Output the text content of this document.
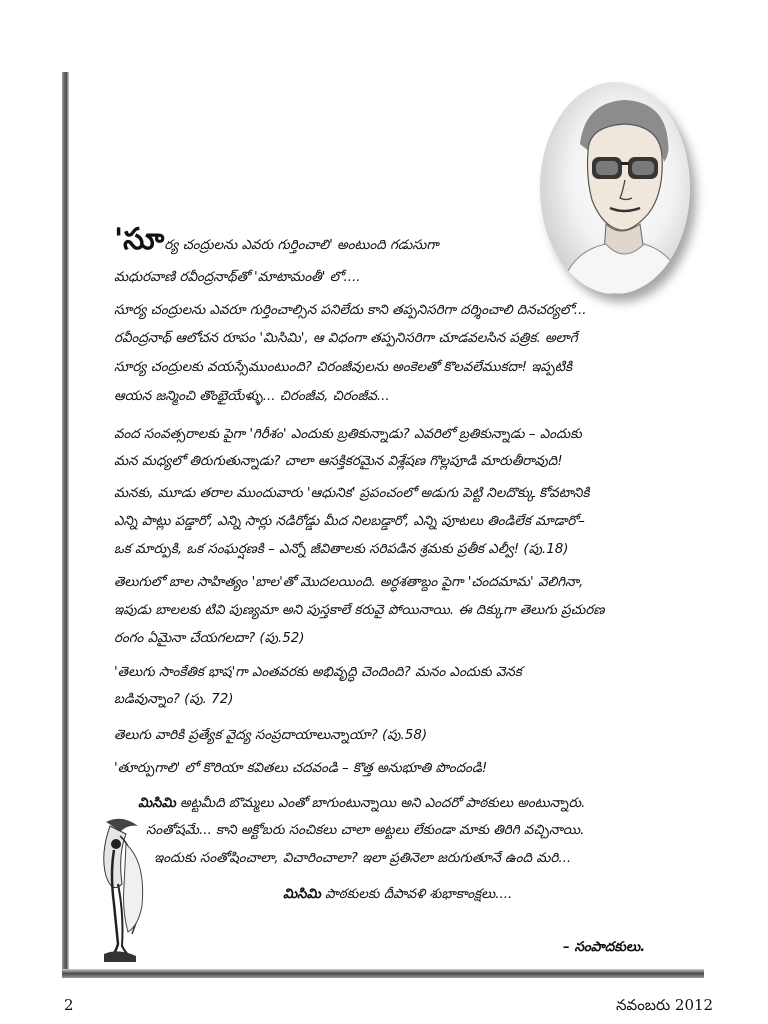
'సూర్య చంద్రులను ఎవరు గుర్తించాలి' అంటుంది గడుసుగా
మధురవాణి రవీంద్రనాథ్‌తో 'మాటామంతీ' లో....
సూర్య చంద్రులను ఎవరూ గుర్తించాల్సిన పనిలేదు కాని తప్పనిసరిగా దర్శించాలి దినచర్యలో...
రవీంద్రనాథ్ ఆలోచన రూపం 'మిసిమి', ఆ విధంగా తప్పనిసరిగా చూడవలసిన పత్రిక. అలాగే
సూర్య చంద్రులకు వయస్సేముంటుంది? చిరంజీవులను అంకెలతో కొలవలేముకదా! ఇప్పటికి
ఆయన జన్మించి తొంభైయేళ్ళు... చిరంజీవ, చిరంజీవ...
వంద సంవత్సరాలకు పైగా 'గిరీశం' ఎందుకు బ్రతికున్నాడు? ఎవరిలో బ్రతికున్నాడు – ఎందుకు
మన మధ్యలో తిరుగుతున్నాడు? చాలా ఆసక్తికరమైన విశ్లేషణ గొల్లపూడి మారుతీరావుది!
మనకు, మూడు తరాల ముందువారు 'ఆధునిక' ప్రపంచంలో అడుగు పెట్టి నిలదొక్కు కోవటానికి
ఎన్ని పాట్లు పడ్డారో, ఎన్ని సార్లు నడిరోడ్డు మీద నిలబడ్డారో, ఎన్ని పూటలు తిండిలేక మాడారో–
ఒక మార్పుకి, ఒక సంఘర్షణకి – ఎన్నో జీవితాలకు సరిపడిన శ్రమకు ప్రతీక ఎల్వీ! (పు.18)
తెలుగులో బాల సాహిత్యం 'బాల'తో మొదలయింది. అర్ధశతాబ్దం పైగా 'చందమామ' వెలిగినా,
ఇపుడు బాలలకు టివి పుణ్యమా అని పుస్తకాలే కరువై పోయినాయి. ఈ దిక్కుగా తెలుగు ప్రచురణ
రంగం ఏమైనా చేయగలదా? (పు.52)
'తెలుగు సాంకేతిక భాష'గా ఎంతవరకు అభివృద్ధి చెందింది? మనం ఎందుకు వెనక
బడివున్నాం? (పు. 72)
తెలుగు వారికి ప్రత్యేక వైద్య సంప్రదాయాలున్నాయా? (పు.58)
'తూర్పుగాలి' లో కొరియా కవితలు చదవండి – కొత్త అనుభూతి పొందండి!
మిసిమి అట్టమీది బొమ్మలు ఎంతో బాగుంటున్నాయి అని ఎందరో పాఠకులు అంటున్నారు.
సంతోషమే... కాని అక్టోబరు సంచికలు చాలా అట్టలు లేకుండా మాకు తిరిగి వచ్చినాయి.
ఇందుకు సంతోషించాలా, విచారించాలా? ఇలా ప్రతినెలా జరుగుతూనే ఉంది మరి...
మిసిమి పాఠకులకు దీపావళి శుభాకాంక్షలు....
– సంపాదకులు.
2	నవంబరు 2012
